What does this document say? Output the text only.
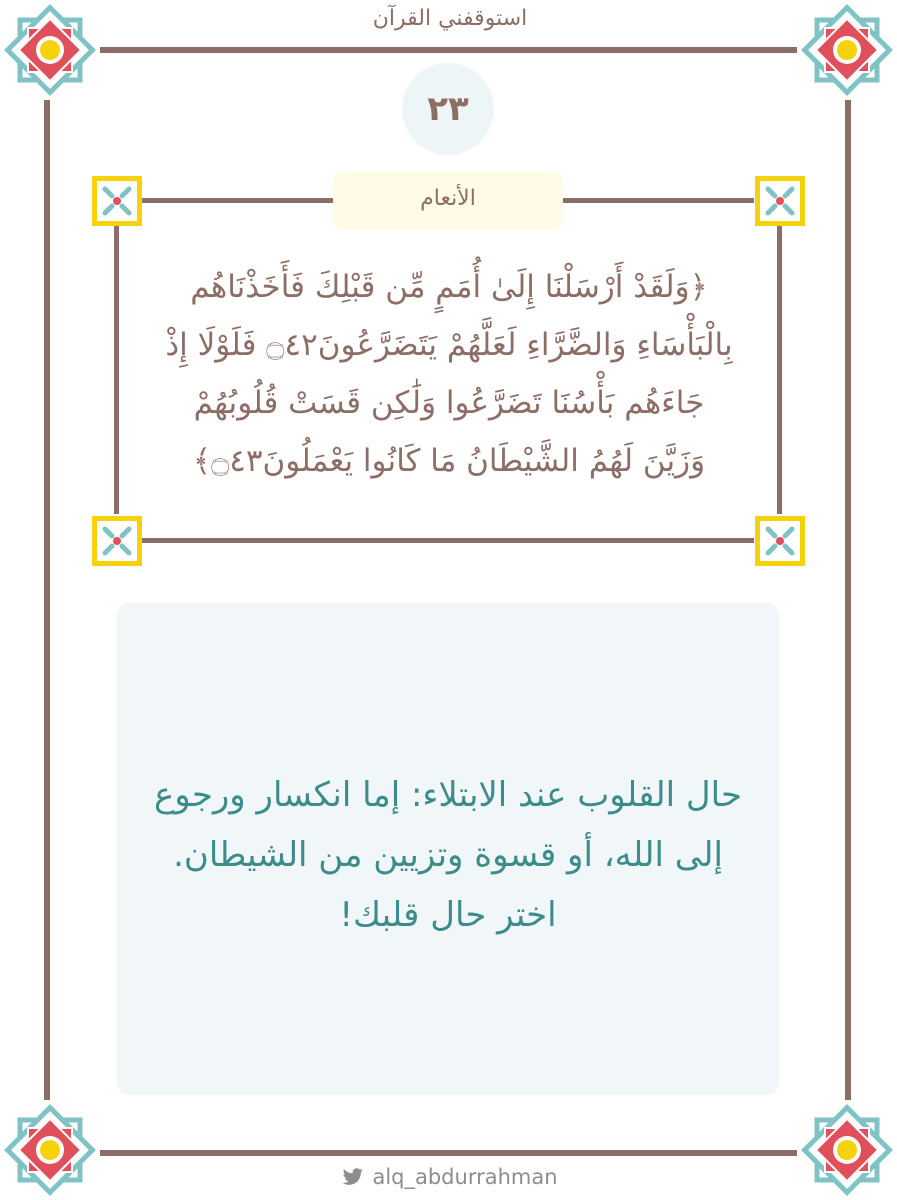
استوقفني القرآن
٢٣
الأنعام
﴿وَلَقَدْ أَرْسَلْنَا إِلَىٰ أُمَمٍ مِّن قَبْلِكَ فَأَخَذْنَاهُم
بِالْبَأْسَاءِ وَالضَّرَّاءِ لَعَلَّهُمْ يَتَضَرَّعُونَ۝٤٢ فَلَوْلَا إِذْ
جَاءَهُم بَأْسُنَا تَضَرَّعُوا وَلَٰكِن قَسَتْ قُلُوبُهُمْ
وَزَيَّنَ لَهُمُ الشَّيْطَانُ مَا كَانُوا يَعْمَلُونَ۝٤٣﴾
حال القلوب عند الابتلاء: إما انكسار ورجوع
إلى الله، أو قسوة وتزيين من الشيطان.
اختر حال قلبك!
alq_abdurrahman
